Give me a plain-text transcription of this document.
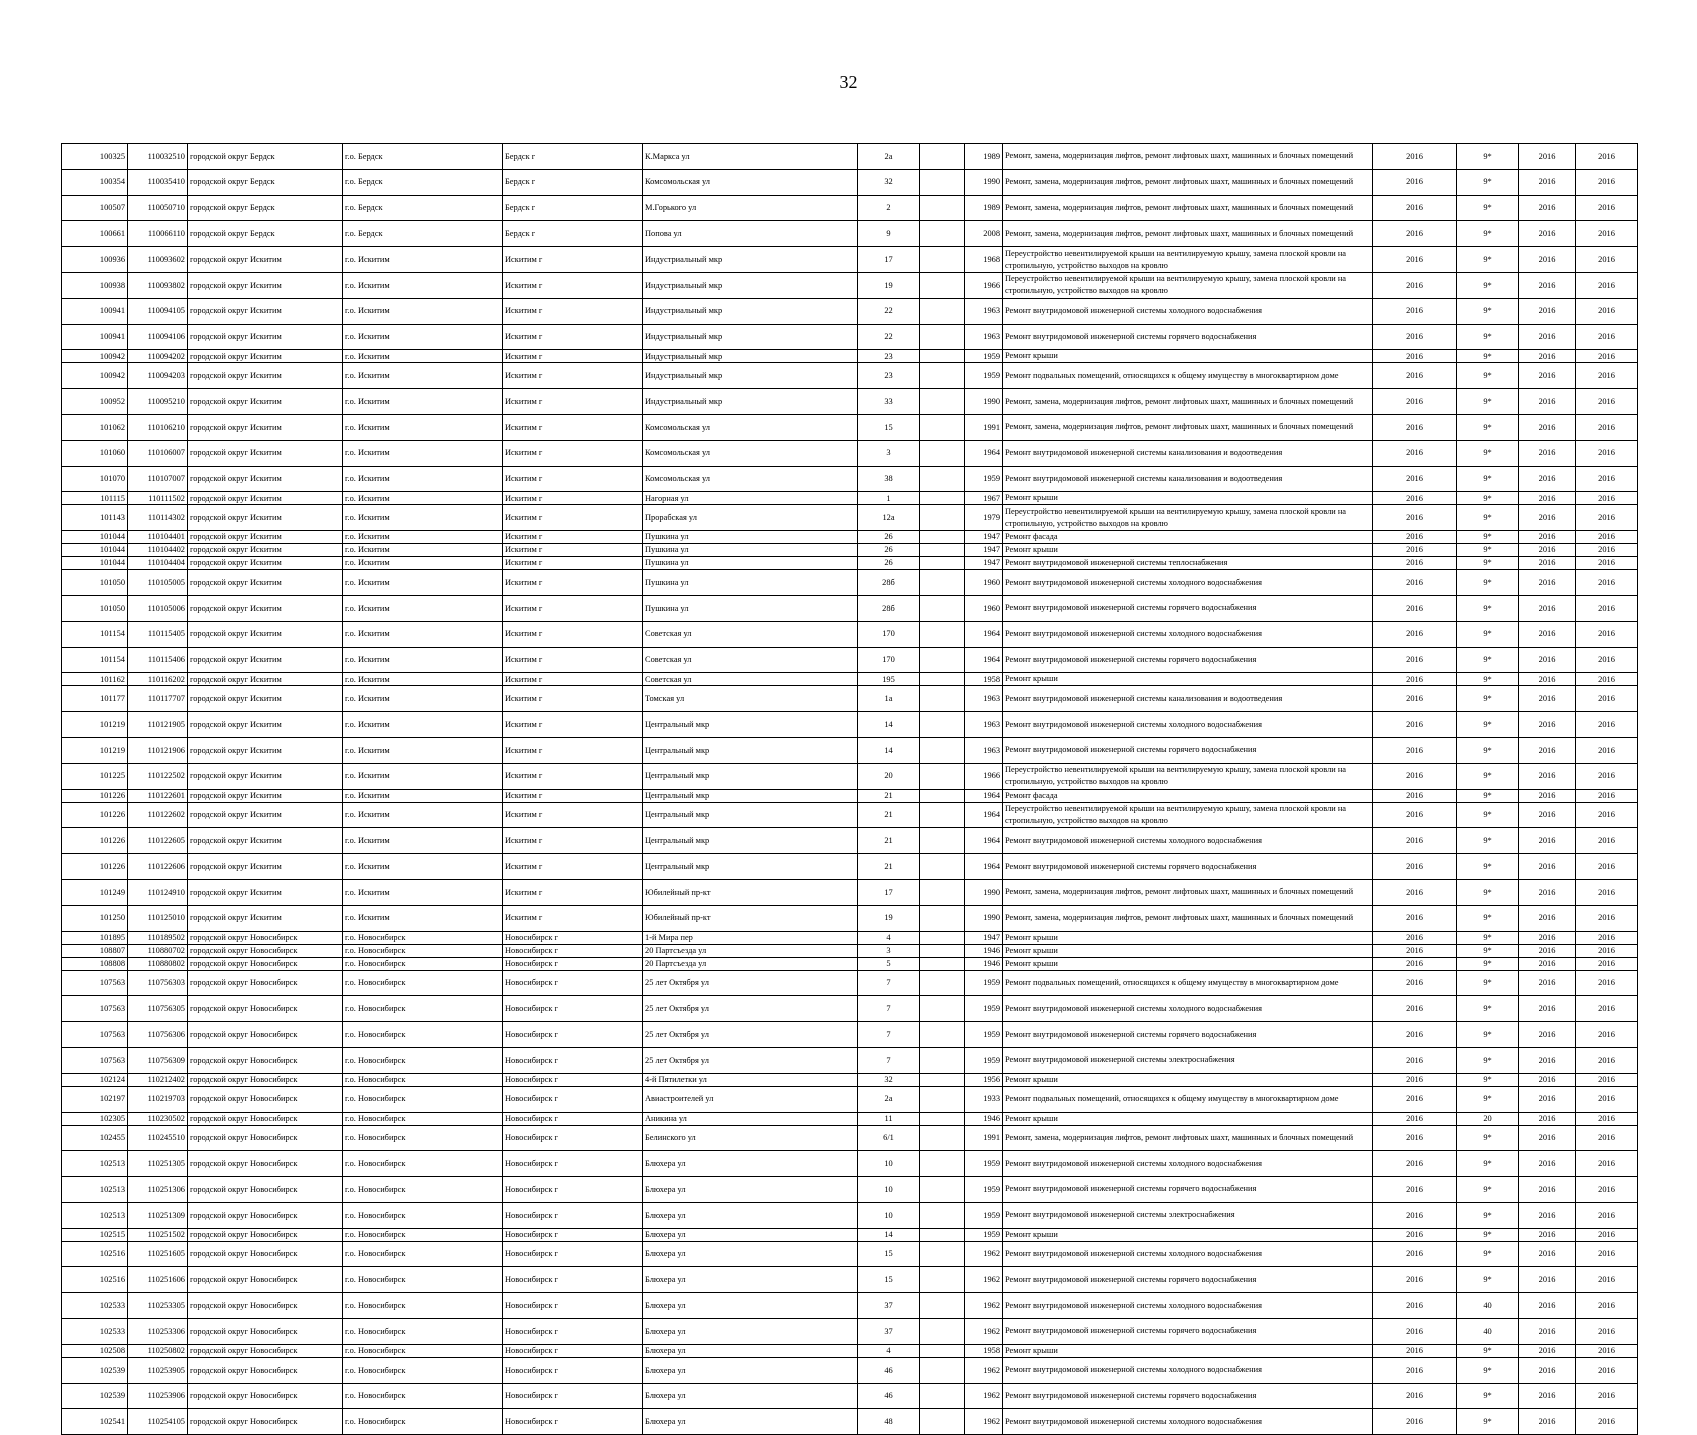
32
100325	110032510	городской округ Бердск	г.о. Бердск	Бердск г	К.Маркса ул	2а		1989	Ремонт, замена, модернизация лифтов, ремонт лифтовых шахт, машинных и блочных помещений	2016	9*	2016	2016
100354	110035410	городской округ Бердск	г.о. Бердск	Бердск г	Комсомольская ул	32		1990	Ремонт, замена, модернизация лифтов, ремонт лифтовых шахт, машинных и блочных помещений	2016	9*	2016	2016
100507	110050710	городской округ Бердск	г.о. Бердск	Бердск г	М.Горького ул	2		1989	Ремонт, замена, модернизация лифтов, ремонт лифтовых шахт, машинных и блочных помещений	2016	9*	2016	2016
100661	110066110	городской округ Бердск	г.о. Бердск	Бердск г	Попова ул	9		2008	Ремонт, замена, модернизация лифтов, ремонт лифтовых шахт, машинных и блочных помещений	2016	9*	2016	2016
100936	110093602	городской округ Искитим	г.о. Искитим	Искитим г	Индустриальный мкр	17		1968	Переустройство невентилируемой крыши на вентилируемую крышу, замена плоской кровли на стропильную, устройство выходов на кровлю	2016	9*	2016	2016
100938	110093802	городской округ Искитим	г.о. Искитим	Искитим г	Индустриальный мкр	19		1966	Переустройство невентилируемой крыши на вентилируемую крышу, замена плоской кровли на стропильную, устройство выходов на кровлю	2016	9*	2016	2016
100941	110094105	городской округ Искитим	г.о. Искитим	Искитим г	Индустриальный мкр	22		1963	Ремонт внутридомовой инженерной системы холодного водоснабжения	2016	9*	2016	2016
100941	110094106	городской округ Искитим	г.о. Искитим	Искитим г	Индустриальный мкр	22		1963	Ремонт внутридомовой инженерной системы горячего водоснабжения	2016	9*	2016	2016
100942	110094202	городской округ Искитим	г.о. Искитим	Искитим г	Индустриальный мкр	23		1959	Ремонт крыши	2016	9*	2016	2016
100942	110094203	городской округ Искитим	г.о. Искитим	Искитим г	Индустриальный мкр	23		1959	Ремонт подвальных помещений, относящихся к общему имуществу в многоквартирном доме	2016	9*	2016	2016
100952	110095210	городской округ Искитим	г.о. Искитим	Искитим г	Индустриальный мкр	33		1990	Ремонт, замена, модернизация лифтов, ремонт лифтовых шахт, машинных и блочных помещений	2016	9*	2016	2016
101062	110106210	городской округ Искитим	г.о. Искитим	Искитим г	Комсомольская ул	15		1991	Ремонт, замена, модернизация лифтов, ремонт лифтовых шахт, машинных и блочных помещений	2016	9*	2016	2016
101060	110106007	городской округ Искитим	г.о. Искитим	Искитим г	Комсомольская ул	3		1964	Ремонт внутридомовой инженерной системы канализования и водоотведения	2016	9*	2016	2016
101070	110107007	городской округ Искитим	г.о. Искитим	Искитим г	Комсомольская ул	38		1959	Ремонт внутридомовой инженерной системы канализования и водоотведения	2016	9*	2016	2016
101115	110111502	городской округ Искитим	г.о. Искитим	Искитим г	Нагорная ул	1		1967	Ремонт крыши	2016	9*	2016	2016
101143	110114302	городской округ Искитим	г.о. Искитим	Искитим г	Прорабская ул	12а		1979	Переустройство невентилируемой крыши на вентилируемую крышу, замена плоской кровли на стропильную, устройство выходов на кровлю	2016	9*	2016	2016
101044	110104401	городской округ Искитим	г.о. Искитим	Искитим г	Пушкина ул	26		1947	Ремонт фасада	2016	9*	2016	2016
101044	110104402	городской округ Искитим	г.о. Искитим	Искитим г	Пушкина ул	26		1947	Ремонт крыши	2016	9*	2016	2016
101044	110104404	городской округ Искитим	г.о. Искитим	Искитим г	Пушкина ул	26		1947	Ремонт внутридомовой инженерной системы теплоснабжения	2016	9*	2016	2016
101050	110105005	городской округ Искитим	г.о. Искитим	Искитим г	Пушкина ул	28б		1960	Ремонт внутридомовой инженерной системы холодного водоснабжения	2016	9*	2016	2016
101050	110105006	городской округ Искитим	г.о. Искитим	Искитим г	Пушкина ул	28б		1960	Ремонт внутридомовой инженерной системы горячего водоснабжения	2016	9*	2016	2016
101154	110115405	городской округ Искитим	г.о. Искитим	Искитим г	Советская ул	170		1964	Ремонт внутридомовой инженерной системы холодного водоснабжения	2016	9*	2016	2016
101154	110115406	городской округ Искитим	г.о. Искитим	Искитим г	Советская ул	170		1964	Ремонт внутридомовой инженерной системы горячего водоснабжения	2016	9*	2016	2016
101162	110116202	городской округ Искитим	г.о. Искитим	Искитим г	Советская ул	195		1958	Ремонт крыши	2016	9*	2016	2016
101177	110117707	городской округ Искитим	г.о. Искитим	Искитим г	Томская ул	1а		1963	Ремонт внутридомовой инженерной системы канализования и водоотведения	2016	9*	2016	2016
101219	110121905	городской округ Искитим	г.о. Искитим	Искитим г	Центральный мкр	14		1963	Ремонт внутридомовой инженерной системы холодного водоснабжения	2016	9*	2016	2016
101219	110121906	городской округ Искитим	г.о. Искитим	Искитим г	Центральный мкр	14		1963	Ремонт внутридомовой инженерной системы горячего водоснабжения	2016	9*	2016	2016
101225	110122502	городской округ Искитим	г.о. Искитим	Искитим г	Центральный мкр	20		1966	Переустройство невентилируемой крыши на вентилируемую крышу, замена плоской кровли на стропильную, устройство выходов на кровлю	2016	9*	2016	2016
101226	110122601	городской округ Искитим	г.о. Искитим	Искитим г	Центральный мкр	21		1964	Ремонт фасада	2016	9*	2016	2016
101226	110122602	городской округ Искитим	г.о. Искитим	Искитим г	Центральный мкр	21		1964	Переустройство невентилируемой крыши на вентилируемую крышу, замена плоской кровли на стропильную, устройство выходов на кровлю	2016	9*	2016	2016
101226	110122605	городской округ Искитим	г.о. Искитим	Искитим г	Центральный мкр	21		1964	Ремонт внутридомовой инженерной системы холодного водоснабжения	2016	9*	2016	2016
101226	110122606	городской округ Искитим	г.о. Искитим	Искитим г	Центральный мкр	21		1964	Ремонт внутридомовой инженерной системы горячего водоснабжения	2016	9*	2016	2016
101249	110124910	городской округ Искитим	г.о. Искитим	Искитим г	Юбилейный пр-кт	17		1990	Ремонт, замена, модернизация лифтов, ремонт лифтовых шахт, машинных и блочных помещений	2016	9*	2016	2016
101250	110125010	городской округ Искитим	г.о. Искитим	Искитим г	Юбилейный пр-кт	19		1990	Ремонт, замена, модернизация лифтов, ремонт лифтовых шахт, машинных и блочных помещений	2016	9*	2016	2016
101895	110189502	городской округ Новосибирск	г.о. Новосибирск	Новосибирск г	1-й Мира пер	4		1947	Ремонт крыши	2016	9*	2016	2016
108807	110880702	городской округ Новосибирск	г.о. Новосибирск	Новосибирск г	20 Партсъезда ул	3		1946	Ремонт крыши	2016	9*	2016	2016
108808	110880802	городской округ Новосибирск	г.о. Новосибирск	Новосибирск г	20 Партсъезда ул	5		1946	Ремонт крыши	2016	9*	2016	2016
107563	110756303	городской округ Новосибирск	г.о. Новосибирск	Новосибирск г	25 лет Октября ул	7		1959	Ремонт подвальных помещений, относящихся к общему имуществу в многоквартирном доме	2016	9*	2016	2016
107563	110756305	городской округ Новосибирск	г.о. Новосибирск	Новосибирск г	25 лет Октября ул	7		1959	Ремонт внутридомовой инженерной системы холодного водоснабжения	2016	9*	2016	2016
107563	110756306	городской округ Новосибирск	г.о. Новосибирск	Новосибирск г	25 лет Октября ул	7		1959	Ремонт внутридомовой инженерной системы горячего водоснабжения	2016	9*	2016	2016
107563	110756309	городской округ Новосибирск	г.о. Новосибирск	Новосибирск г	25 лет Октября ул	7		1959	Ремонт внутридомовой инженерной системы электроснабжения	2016	9*	2016	2016
102124	110212402	городской округ Новосибирск	г.о. Новосибирск	Новосибирск г	4-й Пятилетки ул	32		1956	Ремонт крыши	2016	9*	2016	2016
102197	110219703	городской округ Новосибирск	г.о. Новосибирск	Новосибирск г	Авиастроителей ул	2а		1933	Ремонт подвальных помещений, относящихся к общему имуществу в многоквартирном доме	2016	9*	2016	2016
102305	110230502	городской округ Новосибирск	г.о. Новосибирск	Новосибирск г	Аникина ул	11		1946	Ремонт крыши	2016	20	2016	2016
102455	110245510	городской округ Новосибирск	г.о. Новосибирск	Новосибирск г	Белинского ул	6/1		1991	Ремонт, замена, модернизация лифтов, ремонт лифтовых шахт, машинных и блочных помещений	2016	9*	2016	2016
102513	110251305	городской округ Новосибирск	г.о. Новосибирск	Новосибирск г	Блюхера ул	10		1959	Ремонт внутридомовой инженерной системы холодного водоснабжения	2016	9*	2016	2016
102513	110251306	городской округ Новосибирск	г.о. Новосибирск	Новосибирск г	Блюхера ул	10		1959	Ремонт внутридомовой инженерной системы горячего водоснабжения	2016	9*	2016	2016
102513	110251309	городской округ Новосибирск	г.о. Новосибирск	Новосибирск г	Блюхера ул	10		1959	Ремонт внутридомовой инженерной системы электроснабжения	2016	9*	2016	2016
102515	110251502	городской округ Новосибирск	г.о. Новосибирск	Новосибирск г	Блюхера ул	14		1959	Ремонт крыши	2016	9*	2016	2016
102516	110251605	городской округ Новосибирск	г.о. Новосибирск	Новосибирск г	Блюхера ул	15		1962	Ремонт внутридомовой инженерной системы холодного водоснабжения	2016	9*	2016	2016
102516	110251606	городской округ Новосибирск	г.о. Новосибирск	Новосибирск г	Блюхера ул	15		1962	Ремонт внутридомовой инженерной системы горячего водоснабжения	2016	9*	2016	2016
102533	110253305	городской округ Новосибирск	г.о. Новосибирск	Новосибирск г	Блюхера ул	37		1962	Ремонт внутридомовой инженерной системы холодного водоснабжения	2016	40	2016	2016
102533	110253306	городской округ Новосибирск	г.о. Новосибирск	Новосибирск г	Блюхера ул	37		1962	Ремонт внутридомовой инженерной системы горячего водоснабжения	2016	40	2016	2016
102508	110250802	городской округ Новосибирск	г.о. Новосибирск	Новосибирск г	Блюхера ул	4		1958	Ремонт крыши	2016	9*	2016	2016
102539	110253905	городской округ Новосибирск	г.о. Новосибирск	Новосибирск г	Блюхера ул	46		1962	Ремонт внутридомовой инженерной системы холодного водоснабжения	2016	9*	2016	2016
102539	110253906	городской округ Новосибирск	г.о. Новосибирск	Новосибирск г	Блюхера ул	46		1962	Ремонт внутридомовой инженерной системы горячего водоснабжения	2016	9*	2016	2016
102541	110254105	городской округ Новосибирск	г.о. Новосибирск	Новосибирск г	Блюхера ул	48		1962	Ремонт внутридомовой инженерной системы холодного водоснабжения	2016	9*	2016	2016
